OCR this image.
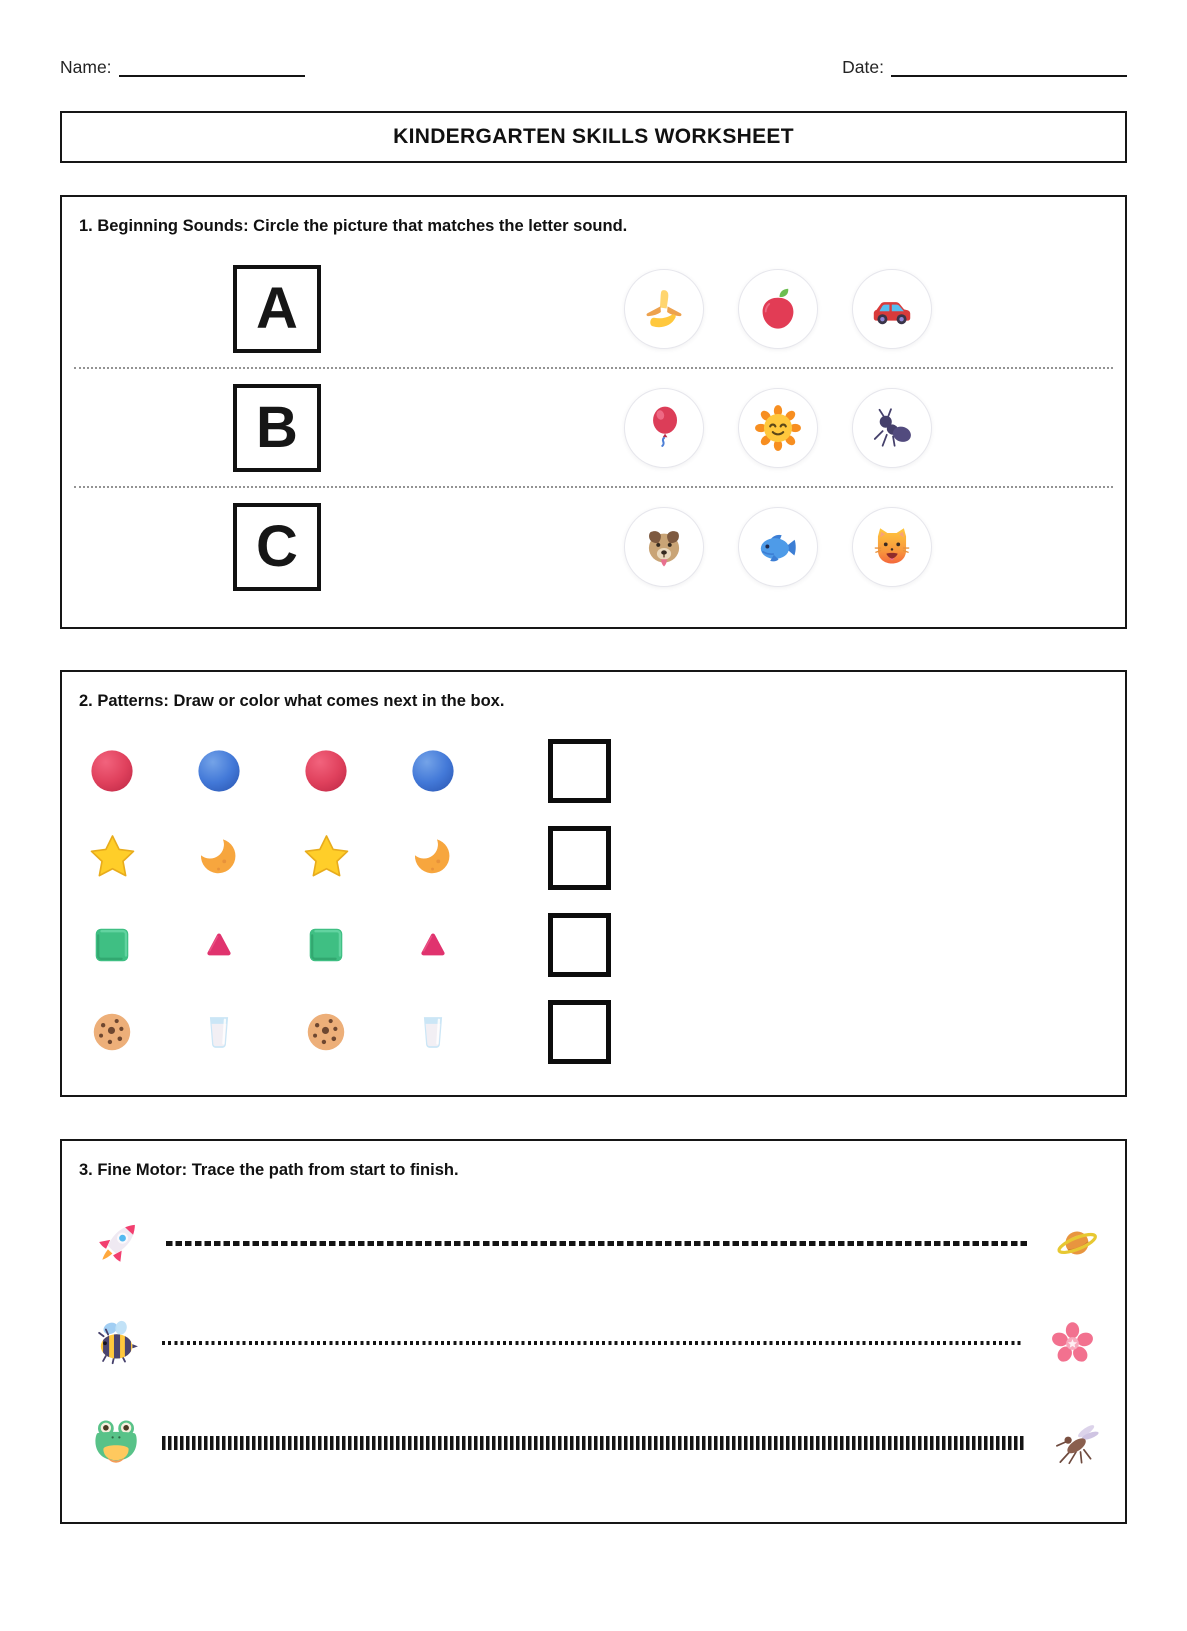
Name:	Date:
KINDERGARTEN SKILLS WORKSHEET
1. Beginning Sounds: Circle the picture that matches the letter sound.
A
B
C
2. Patterns: Draw or color what comes next in the box.
3. Fine Motor: Trace the path from start to finish.
